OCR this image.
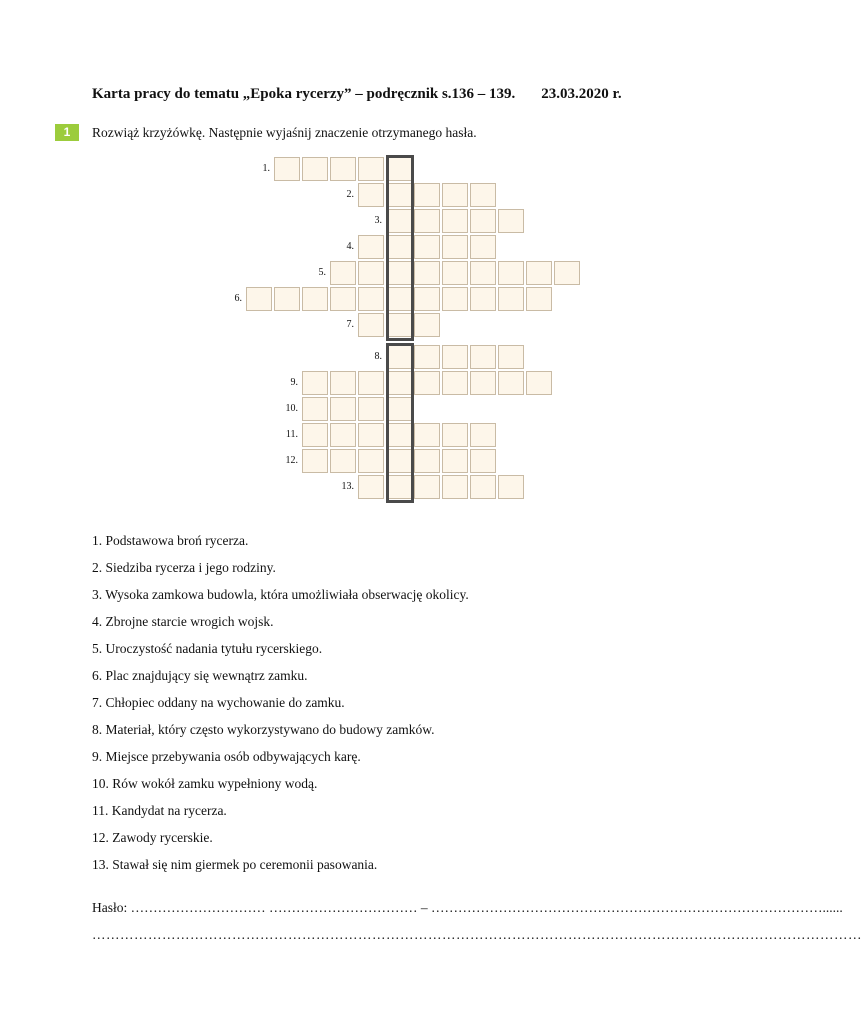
Karta pracy do tematu „Epoka rycerzy” – podręcznik s.136 – 139. 23.03.2020 r.
1	Rozwiąż krzyżówkę. Następnie wyjaśnij znaczenie otrzymanego hasła.
1.
2.
3.
4.
5.
6.
7.
8.
9.
10.
11.
12.
13.
1. Podstawowa broń rycerza.
2. Siedziba rycerza i jego rodziny.
3. Wysoka zamkowa budowla, która umożliwiała obserwację okolicy.
4. Zbrojne starcie wrogich wojsk.
5. Uroczystość nadania tytułu rycerskiego.
6. Plac znajdujący się wewnątrz zamku.
7. Chłopiec oddany na wychowanie do zamku.
8. Materiał, który często wykorzystywano do budowy zamków.
9. Miejsce przebywania osób odbywających karę.
10. Rów wokół zamku wypełniony wodą.
11. Kandydat na rycerza.
12. Zawody rycerskie.
13. Stawał się nim giermek po ceremonii pasowania.
Hasło: ………………………… …………………………… – ……………………………………………………………………………......
…………………………………………………………………………………………………………………………………………………
